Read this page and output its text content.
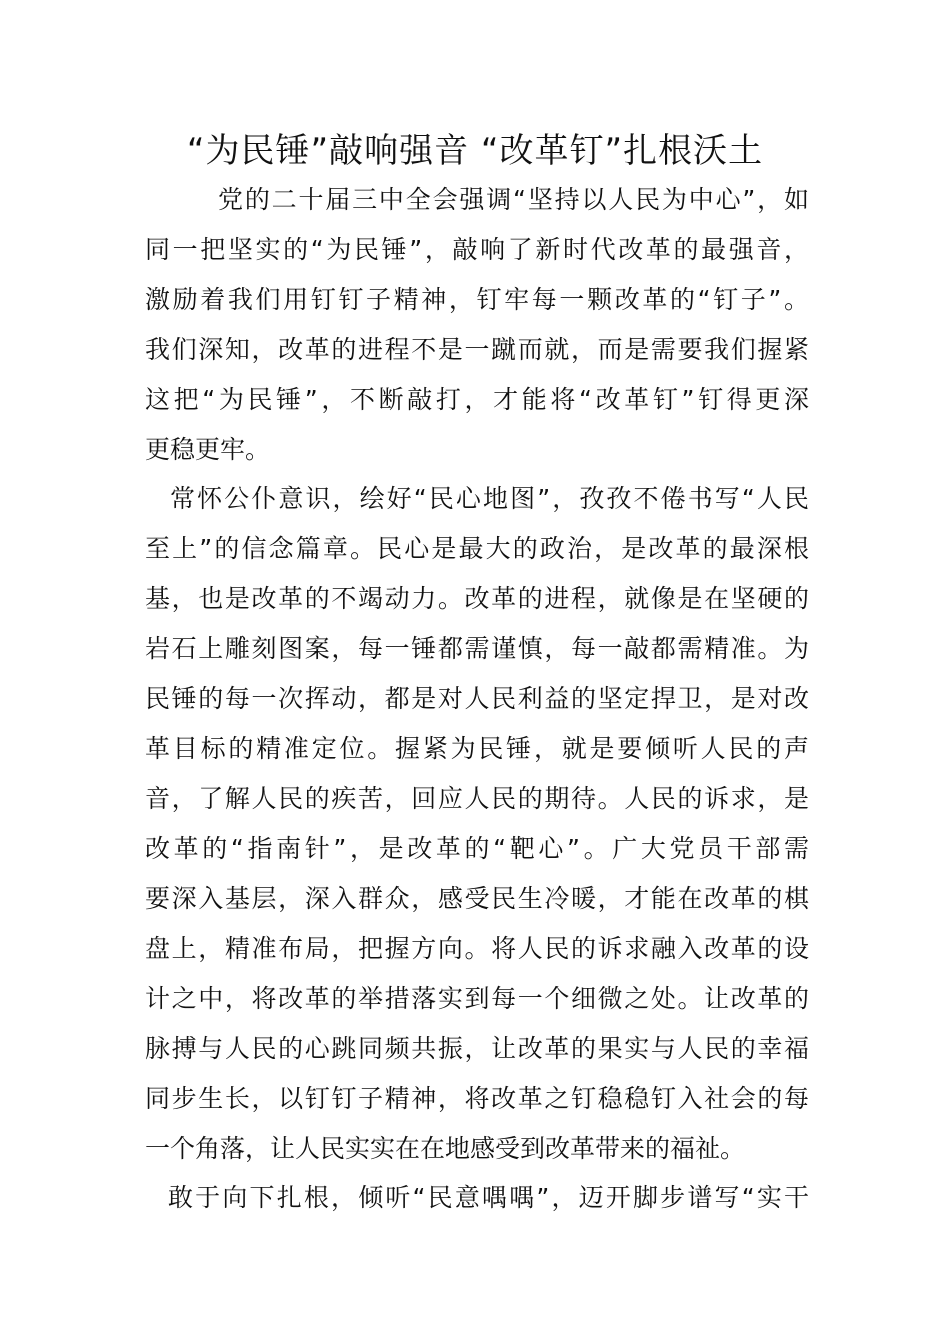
“为民锤”敲响强音 “改革钉”扎根沃土

党的二十届三中全会强调“坚持以人民为中心”，如

同一把坚实的“为民锤”，敲响了新时代改革的最强音，

激励着我们用钉钉子精神，钉牢每一颗改革的“钉子”。

我们深知，改革的进程不是一蹴而就，而是需要我们握紧

这把“为民锤”，不断敲打，才能将“改革钉”钉得更深

更稳更牢。

常怀公仆意识，绘好“民心地图”，孜孜不倦书写“人民

至上”的信念篇章。民心是最大的政治，是改革的最深根

基，也是改革的不竭动力。改革的进程，就像是在坚硬的

岩石上雕刻图案，每一锤都需谨慎，每一敲都需精准。为

民锤的每一次挥动，都是对人民利益的坚定捍卫，是对改

革目标的精准定位。握紧为民锤，就是要倾听人民的声

音，了解人民的疾苦，回应人民的期待。人民的诉求，是

改革的“指南针”，是改革的“靶心”。广大党员干部需

要深入基层，深入群众，感受民生冷暖，才能在改革的棋

盘上，精准布局，把握方向。将人民的诉求融入改革的设

计之中，将改革的举措落实到每一个细微之处。让改革的

脉搏与人民的心跳同频共振，让改革的果实与人民的幸福

同步生长，以钉钉子精神，将改革之钉稳稳钉入社会的每

一个角落，让人民实实在在地感受到改革带来的福祉。

敢于向下扎根，倾听“民意喁喁”，迈开脚步谱写“实干
